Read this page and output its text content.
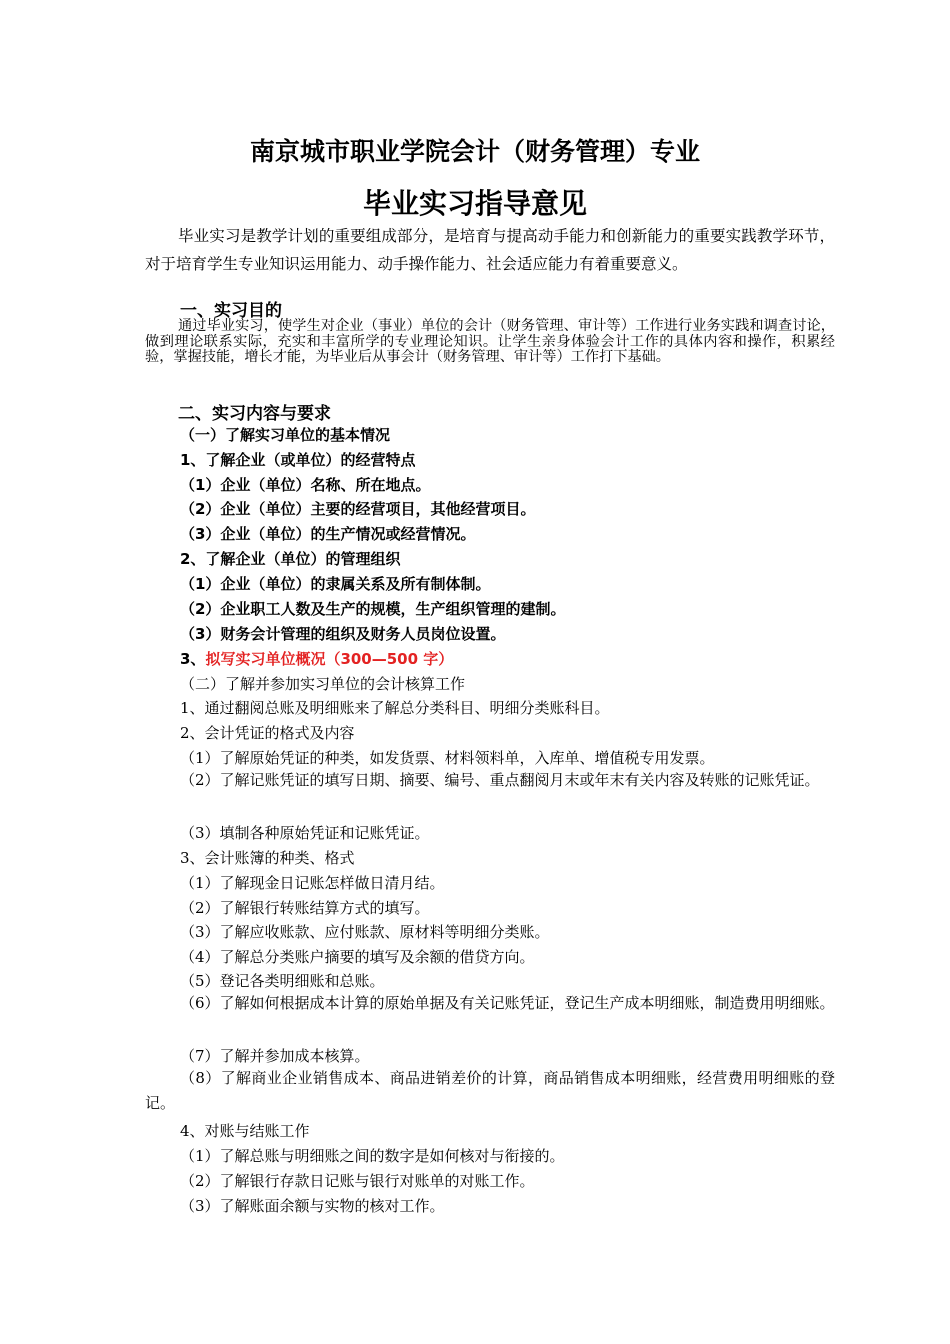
南京城市职业学院会计（财务管理）专业
毕业实习指导意见
毕业实习是教学计划的重要组成部分，是培育与提高动手能力和创新能力的重要实践教学环节，对于培育学生专业知识运用能力、动手操作能力、社会适应能力有着重要意义。
一、实习目的
通过毕业实习，使学生对企业（事业）单位的会计（财务管理、审计等）工作进行业务实践和调查讨论，做到理论联系实际，充实和丰富所学的专业理论知识。让学生亲身体验会计工作的具体内容和操作，积累经验，掌握技能，增长才能，为毕业后从事会计（财务管理、审计等）工作打下基础。
二、实习内容与要求
（一）了解实习单位的基本情况
1、了解企业（或单位）的经营特点
（1）企业（单位）名称、所在地点。
（2）企业（单位）主要的经营项目，其他经营项目。
（3）企业（单位）的生产情况或经营情况。
2、了解企业（单位）的管理组织
（1）企业（单位）的隶属关系及所有制体制。
（2）企业职工人数及生产的规模，生产组织管理的建制。
（3）财务会计管理的组织及财务人员岗位设置。
3、拟写实习单位概况（300—500 字）
（二）了解并参加实习单位的会计核算工作
1、通过翻阅总账及明细账来了解总分类科目、明细分类账科目。
2、会计凭证的格式及内容
（1）了解原始凭证的种类，如发货票、材料领料单，入库单、增值税专用发票。
（2）了解记账凭证的填写日期、摘要、编号、重点翻阅月末或年末有关内容及转账的记账凭证。
（3）填制各种原始凭证和记账凭证。
3、会计账簿的种类、格式
（1）了解现金日记账怎样做日清月结。
（2）了解银行转账结算方式的填写。
（3）了解应收账款、应付账款、原材料等明细分类账。
（4）了解总分类账户摘要的填写及余额的借贷方向。
（5）登记各类明细账和总账。
（6）了解如何根据成本计算的原始单据及有关记账凭证，登记生产成本明细账，制造费用明细账。
（7）了解并参加成本核算。
（8）了解商业企业销售成本、商品进销差价的计算，商品销售成本明细账，经营费用明细账的登记。
4、对账与结账工作
（1）了解总账与明细账之间的数字是如何核对与衔接的。
（2）了解银行存款日记账与银行对账单的对账工作。
（3）了解账面余额与实物的核对工作。
